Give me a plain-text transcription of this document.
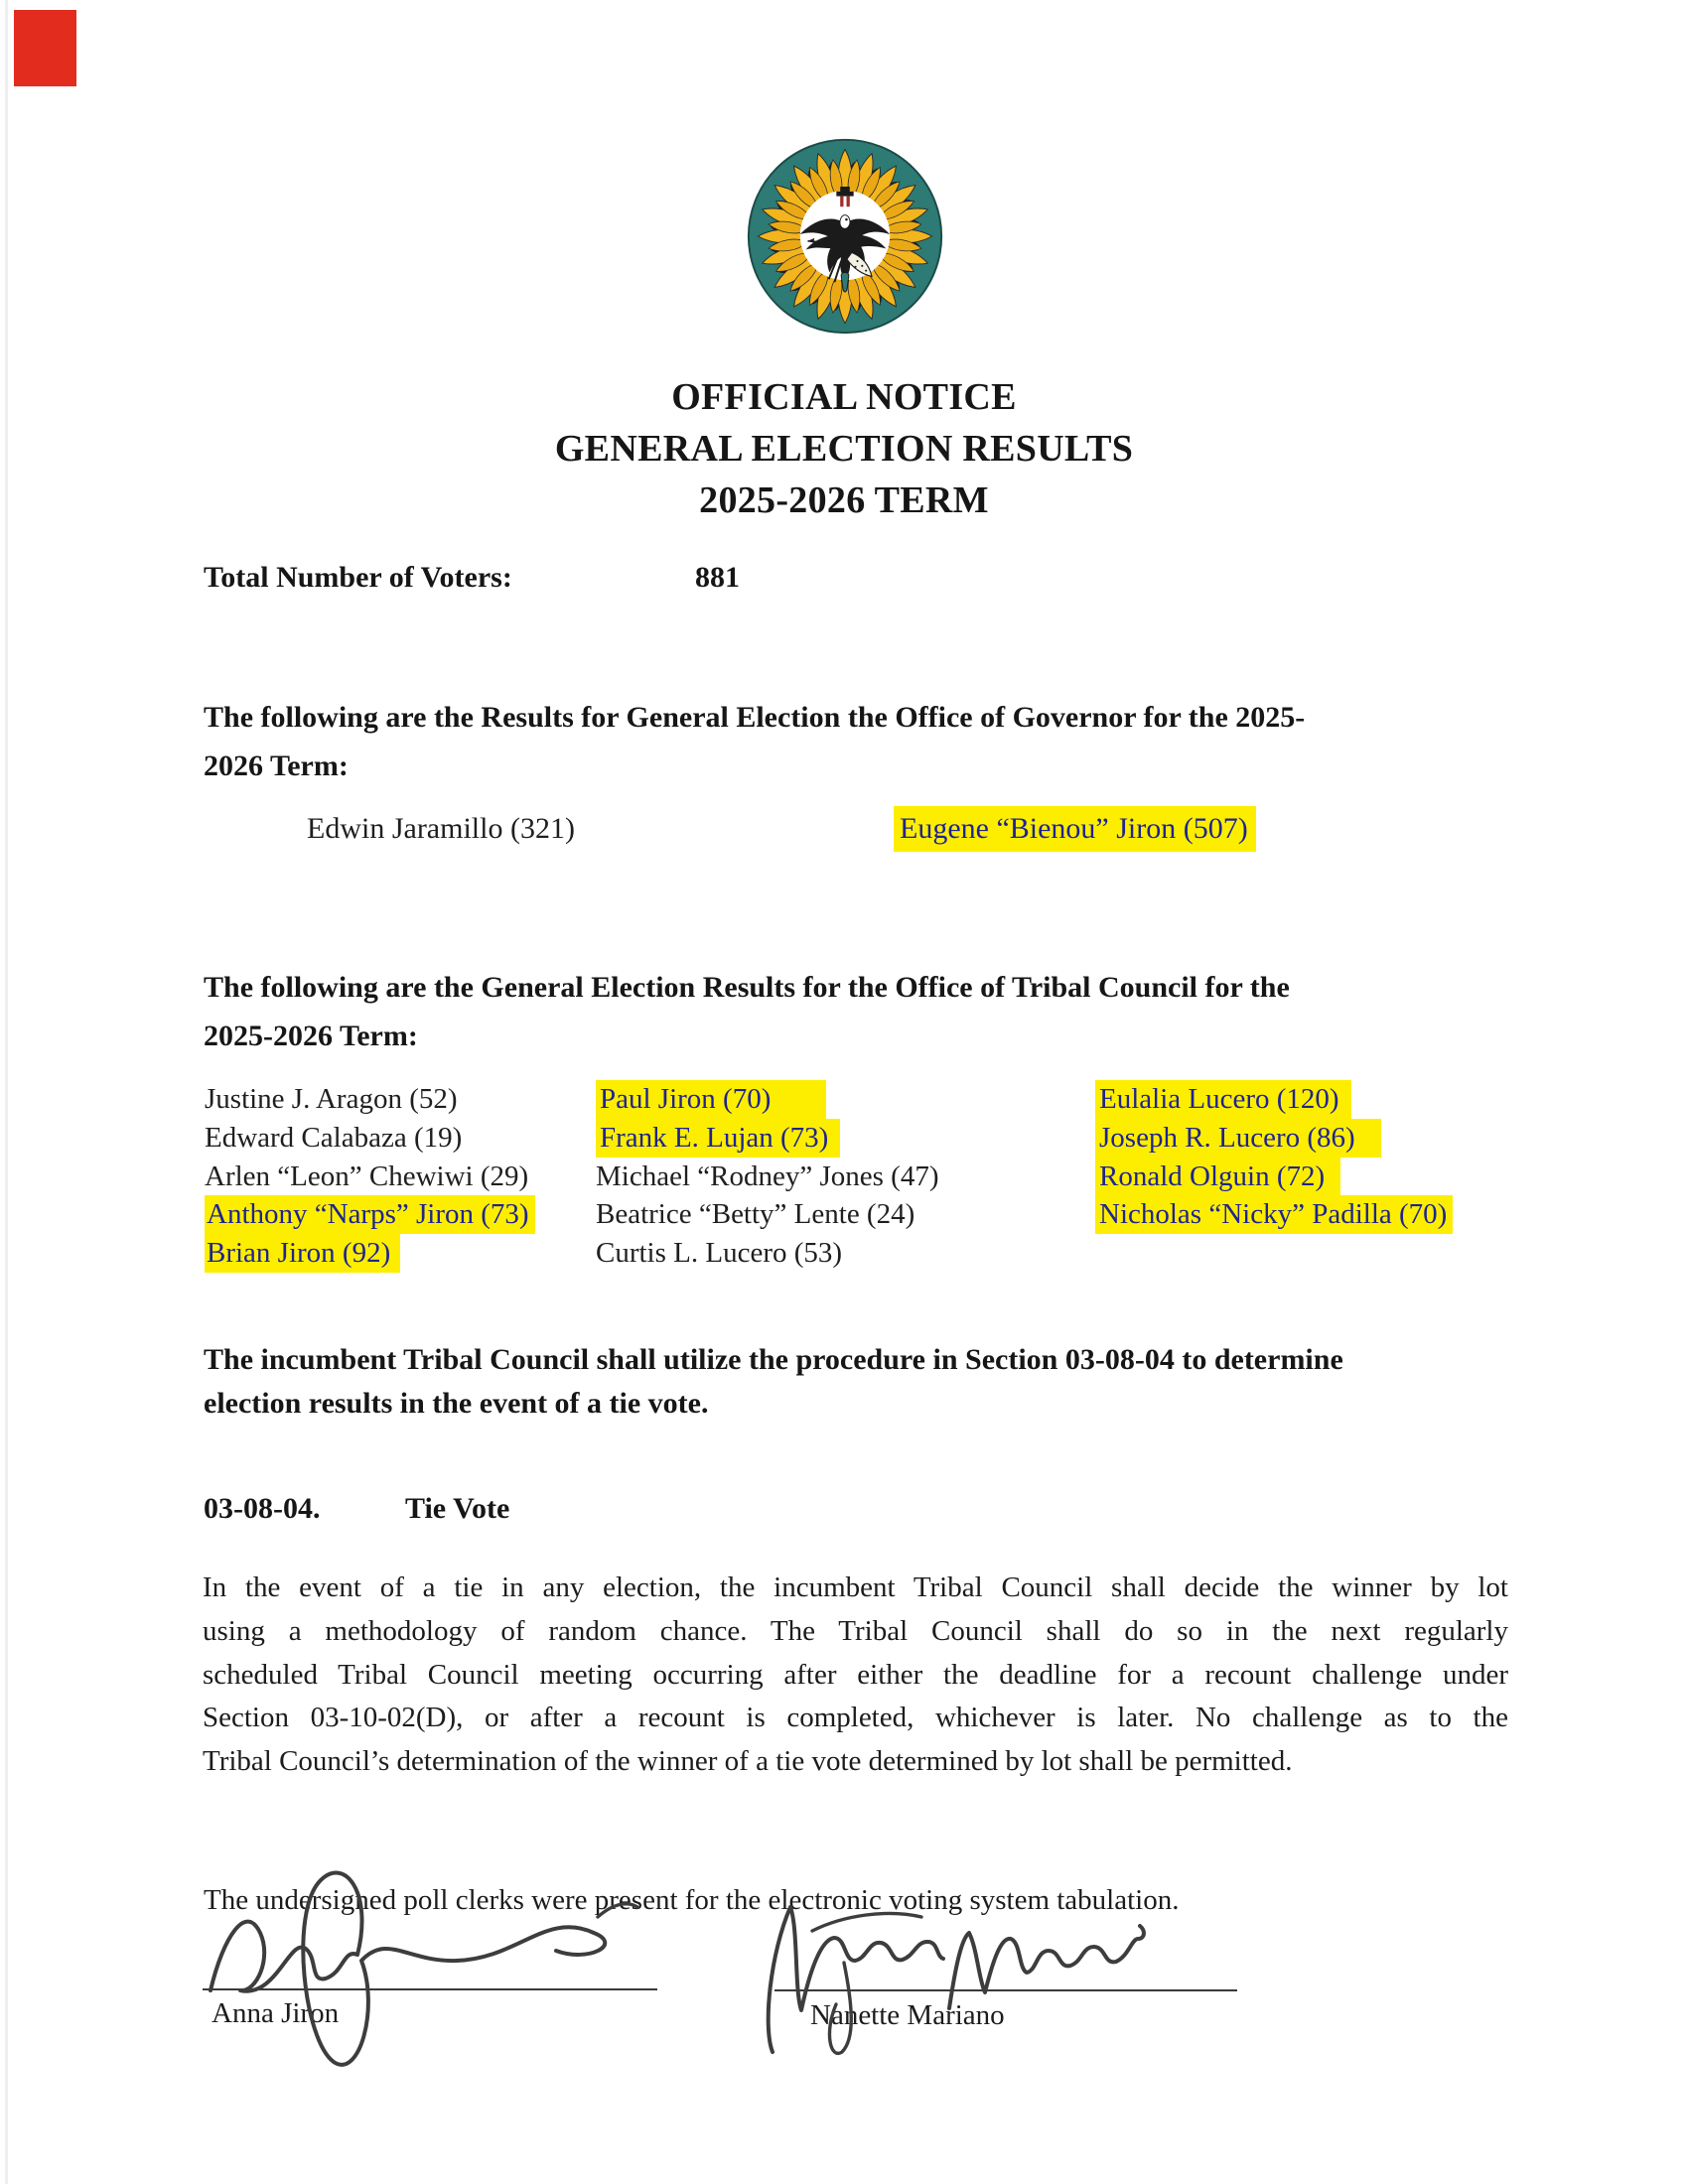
OFFICIAL NOTICE
GENERAL ELECTION RESULTS
2025-2026 TERM
Total Number of Voters:	881
The following are the Results for General Election the Office of Governor for the 2025-
2026 Term:
Edwin Jaramillo (321)	Eugene “Bienou” Jiron (507)
The following are the General Election Results for the Office of Tribal Council for the
2025-2026 Term:
Justine J. Aragon (52)	Paul Jiron (70)	Eulalia Lucero (120)
Edward Calabaza (19)	Frank E. Lujan (73)	Joseph R. Lucero (86)
Arlen “Leon” Chewiwi (29) Michael “Rodney” Jones (47)	Ronald Olguin (72)
Anthony “Narps” Jiron (73) Beatrice “Betty” Lente (24)	Nicholas “Nicky” Padilla (70)
Brian Jiron (92)	Curtis L. Lucero (53)
The incumbent Tribal Council shall utilize the procedure in Section 03-08-04 to determine
election results in the event of a tie vote.
03-08-04.	Tie Vote
In the event of a tie in any election, the incumbent Tribal Council shall decide the winner by lot
using a methodology of random chance. The Tribal Council shall do so in the next regularly
scheduled Tribal Council meeting occurring after either the deadline for a recount challenge under
Section 03-10-02(D), or after a recount is completed, whichever is later. No challenge as to the
Tribal Council’s determination of the winner of a tie vote determined by lot shall be permitted.
The undersigned poll clerks were present for the electronic voting system tabulation.
Anna Jiron	Nanette Mariano
